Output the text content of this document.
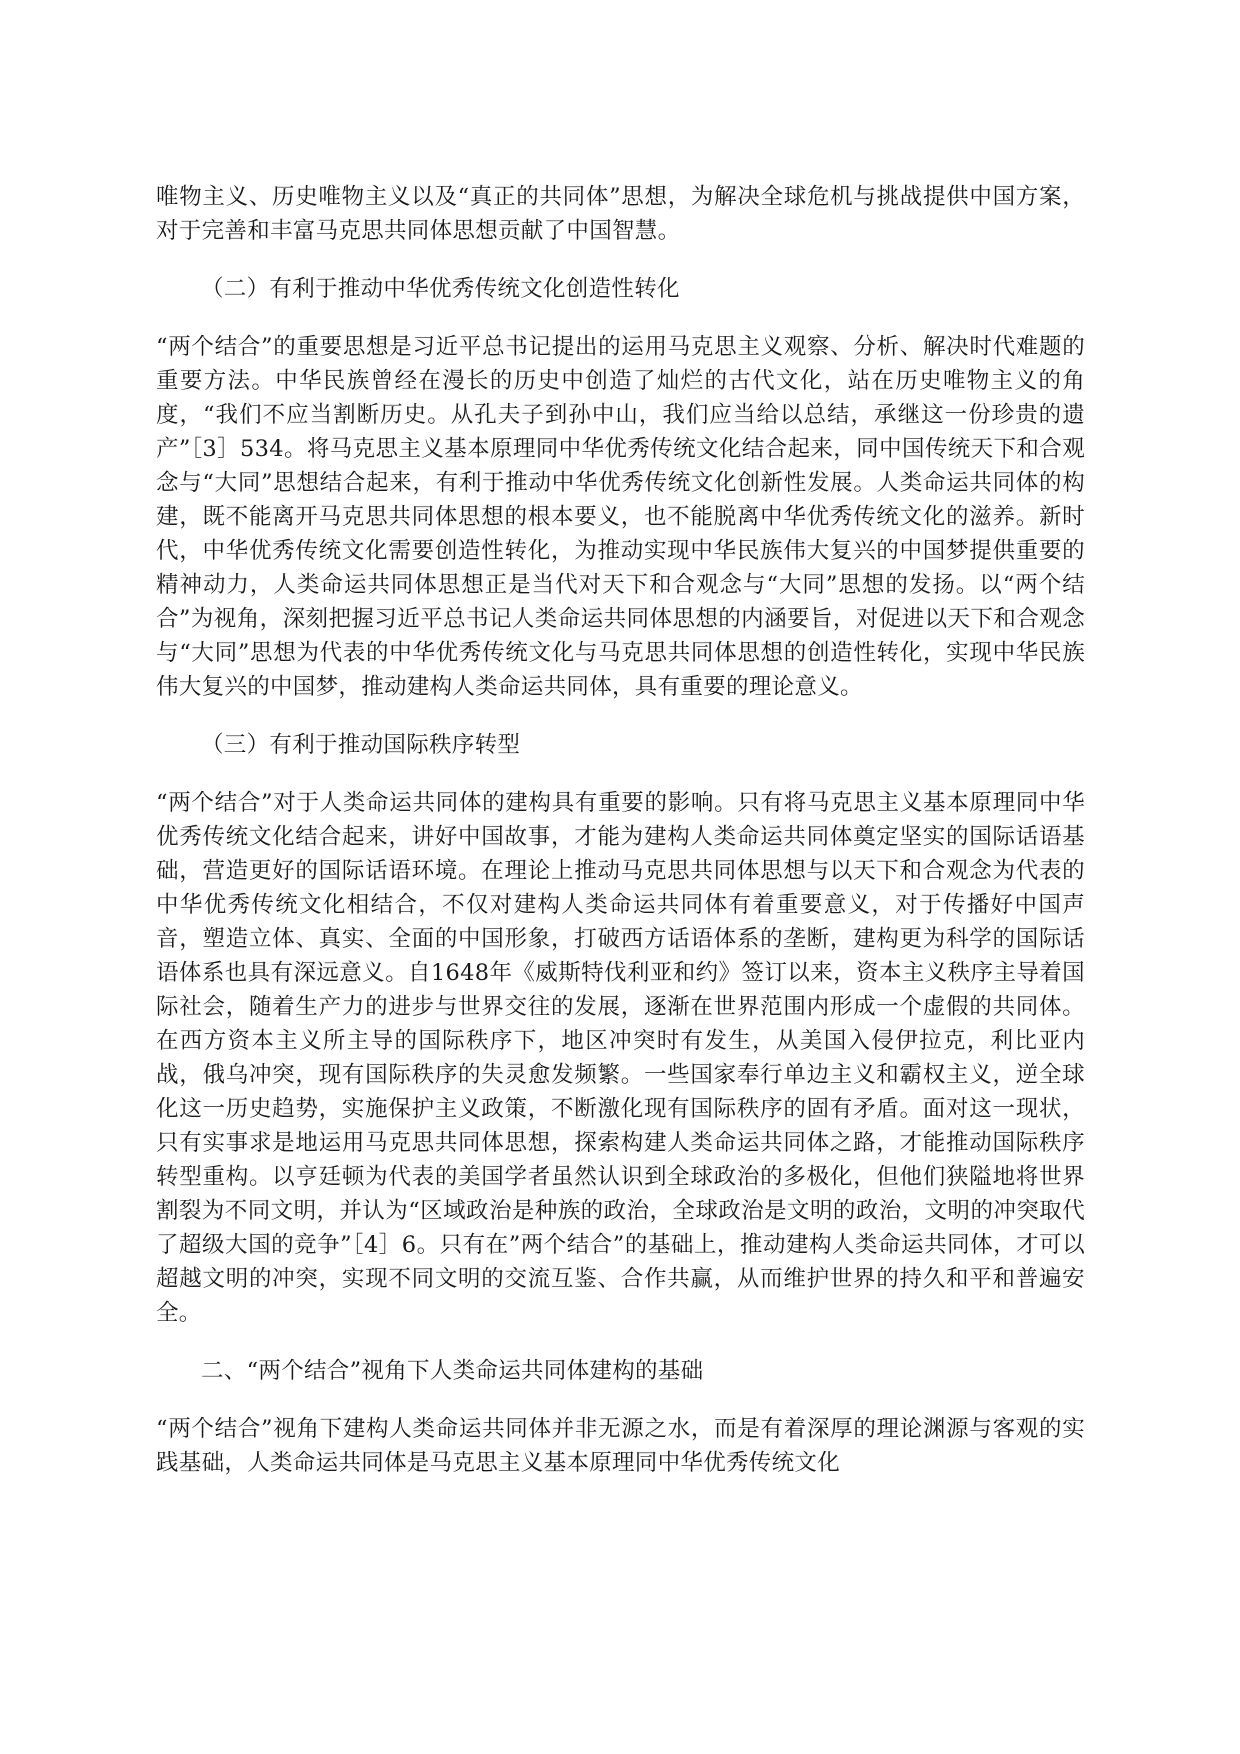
唯物主义、历史唯物主义以及“真正的共同体”思想，为解决全球危机与挑战提供中国方案，对于完善和丰富马克思共同体思想贡献了中国智慧。

（二）有利于推动中华优秀传统文化创造性转化

“两个结合”的重要思想是习近平总书记提出的运用马克思主义观察、分析、解决时代难题的重要方法。中华民族曾经在漫长的历史中创造了灿烂的古代文化，站在历史唯物主义的角度，“我们不应当割断历史。从孔夫子到孙中山，我们应当给以总结，承继这一份珍贵的遗产”［3］534。将马克思主义基本原理同中华优秀传统文化结合起来，同中国传统天下和合观念与“大同”思想结合起来，有利于推动中华优秀传统文化创新性发展。人类命运共同体的构建，既不能离开马克思共同体思想的根本要义，也不能脱离中华优秀传统文化的滋养。新时代，中华优秀传统文化需要创造性转化，为推动实现中华民族伟大复兴的中国梦提供重要的精神动力，人类命运共同体思想正是当代对天下和合观念与“大同”思想的发扬。以“两个结合”为视角，深刻把握习近平总书记人类命运共同体思想的内涵要旨，对促进以天下和合观念与“大同”思想为代表的中华优秀传统文化与马克思共同体思想的创造性转化，实现中华民族伟大复兴的中国梦，推动建构人类命运共同体，具有重要的理论意义。

（三）有利于推动国际秩序转型

“两个结合”对于人类命运共同体的建构具有重要的影响。只有将马克思主义基本原理同中华优秀传统文化结合起来，讲好中国故事，才能为建构人类命运共同体奠定坚实的国际话语基础，营造更好的国际话语环境。在理论上推动马克思共同体思想与以天下和合观念为代表的中华优秀传统文化相结合，不仅对建构人类命运共同体有着重要意义，对于传播好中国声音，塑造立体、真实、全面的中国形象，打破西方话语体系的垄断，建构更为科学的国际话语体系也具有深远意义。自1648年《威斯特伐利亚和约》签订以来，资本主义秩序主导着国际社会，随着生产力的进步与世界交往的发展，逐渐在世界范围内形成一个虚假的共同体。在西方资本主义所主导的国际秩序下，地区冲突时有发生，从美国入侵伊拉克，利比亚内战，俄乌冲突，现有国际秩序的失灵愈发频繁。一些国家奉行单边主义和霸权主义，逆全球化这一历史趋势，实施保护主义政策，不断激化现有国际秩序的固有矛盾。面对这一现状，只有实事求是地运用马克思共同体思想，探索构建人类命运共同体之路，才能推动国际秩序转型重构。以亨廷顿为代表的美国学者虽然认识到全球政治的多极化，但他们狭隘地将世界割裂为不同文明，并认为“区域政治是种族的政治，全球政治是文明的政治，文明的冲突取代了超级大国的竞争”［4］6。只有在”两个结合”的基础上，推动建构人类命运共同体，才可以超越文明的冲突，实现不同文明的交流互鉴、合作共赢，从而维护世界的持久和平和普遍安全。

二、“两个结合”视角下人类命运共同体建构的基础

“两个结合”视角下建构人类命运共同体并非无源之水，而是有着深厚的理论渊源与客观的实践基础，人类命运共同体是马克思主义基本原理同中华优秀传统文化
